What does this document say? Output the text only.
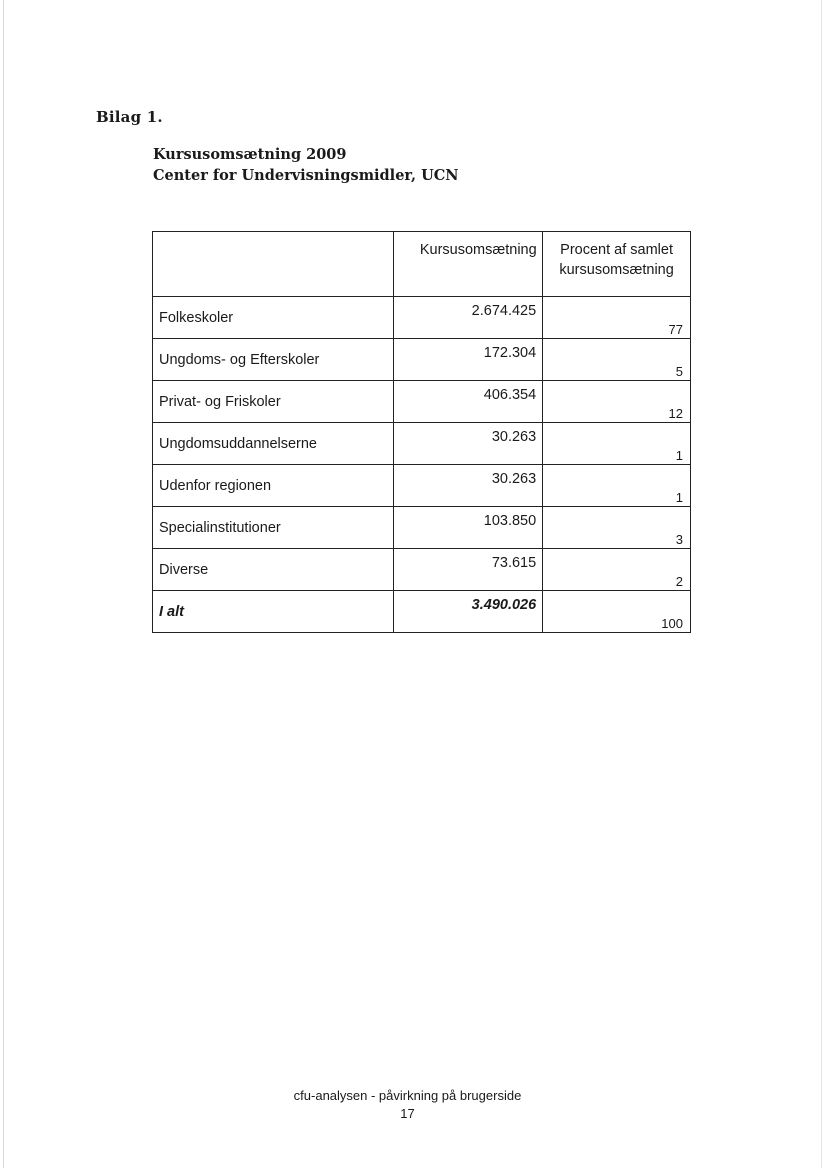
Bilag 1.
Kursusomsætning 2009
Center for Undervisningsmidler, UCN
	Kursusomsætning	Procent af samlet
kursusomsætning

Folkeskoler	2.674.425	77
Ungdoms- og Efterskoler	172.304	5
Privat- og Friskoler	406.354	12
Ungdomsuddannelserne	30.263	1
Udenfor regionen	30.263	1
Specialinstitutioner	103.850	3
Diverse	73.615	2
I alt	3.490.026	100
cfu-analysen - påvirkning på brugerside
17
